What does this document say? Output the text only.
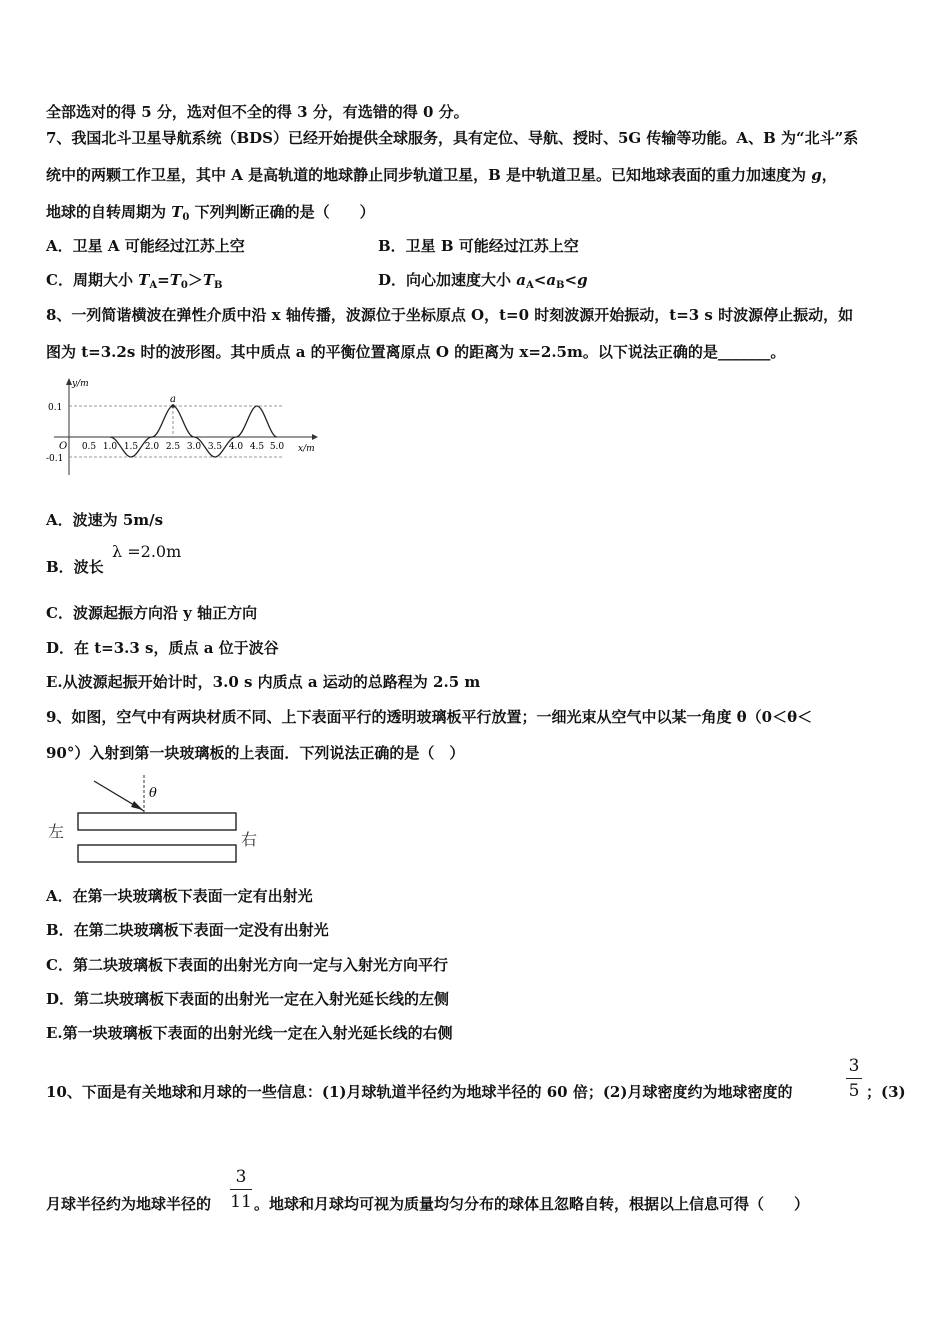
全部选对的得 5 分，选对但不全的得 3 分，有选错的得 0 分。
7、我国北斗卫星导航系统（BDS）已经开始提供全球服务，具有定位、导航、授时、5G 传输等功能。A、B 为“北斗”系
统中的两颗工作卫星，其中 A 是高轨道的地球静止同步轨道卫星，B 是中轨道卫星。已知地球表面的重力加速度为 g，
地球的自转周期为 $T_0$ 下列判断正确的是（　　）
A．卫星 A 可能经过江苏上空	B．卫星 B 可能经过江苏上空
C．周期大小 $T_A=T_0>T_B$	D．向心加速度大小 $a_A<a_B<g$
8、一列简谐横波在弹性介质中沿 x 轴传播，波源位于坐标原点 O，t=0 时刻波源开始振动，t=3 s 时波源停止振动，如
图为 t=3.2s 时的波形图。其中质点 a 的平衡位置离原点 O 的距离为 x=2.5m。以下说法正确的是_______。
y/m
x/m
O
0.1
-0.1
a
0.5 1.0 1.5 2.0 2.5 3.0 3.5 4.0 4.5 5.0
A．波速为 5m/s
λ =2.0m
B．波长
C．波源起振方向沿 y 轴正方向
D．在 t=3.3 s，质点 a 位于波谷
E.从波源起振开始计时，3.0 s 内质点 a 运动的总路程为 2.5 m
9、如图，空气中有两块材质不同、上下表面平行的透明玻璃板平行放置；一细光束从空气中以某一角度 θ（0＜θ＜
90°）入射到第一块玻璃板的上表面．下列说法正确的是（　）
θ
左	右
A．在第一块玻璃板下表面一定有出射光
B．在第二块玻璃板下表面一定没有出射光
C．第二块玻璃板下表面的出射光方向一定与入射光方向平行
D．第二块玻璃板下表面的出射光一定在入射光延长线的左侧
E.第一块玻璃板下表面的出射光线一定在入射光延长线的右侧
10、下面是有关地球和月球的一些信息：(1)月球轨道半径约为地球半径的 60 倍；(2)月球密度约为地球密度的
3
5 ；(3)
月球半径约为地球半径的
3
11 。地球和月球均可视为质量均匀分布的球体且忽略自转，根据以上信息可得（　　）
